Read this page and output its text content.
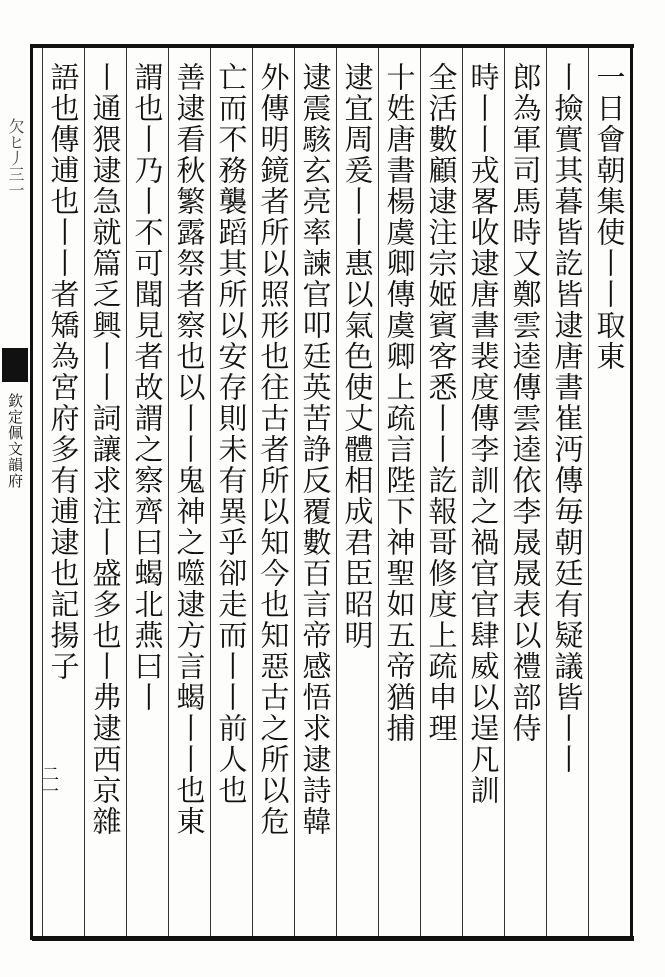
欠ヒ丿三一
欽定佩文韻府
二一
一日會朝集使丨丨取東
丨撿實其暮皆訖皆逮唐書崔沔傳毎朝廷有疑議皆丨丨
郎為軍司馬時又鄭雲逵傳雲逵依李晟晟表以禮部侍
時丨丨戎畧收逮唐書裴度傳李訓之禍官官肆威以逞凡訓
全活數顧逮注宗姬賓客悉丨丨訖報哥修度上疏申理
十姓唐書楊虞卿傳虞卿上疏言陛下神聖如五帝猶捕
逮宜周爰丨丨惠以氣色使丈體相成君臣昭明
逮震駭玄亮率諫官叩廷英苦諍反覆數百言帝感悟求逮詩韓
外傳明鏡者所以照形也往古者所以知今也知惡古之所以危
亡而不務襲蹈其所以安存則未有異乎卻走而丨丨前人也
善逮看秋繁露祭者察也以丨丨鬼神之噬逮方言蝎丨丨也東
謂也丨乃丨不可聞見者故謂之察齊曰蝎北燕曰丨
丨通猥逮急就篇乏興丨丨詞讓求注丨盛多也丨弗逮西京雜
語也傳逋也丨丨者矯為宮府多有逋逮也記揚子
